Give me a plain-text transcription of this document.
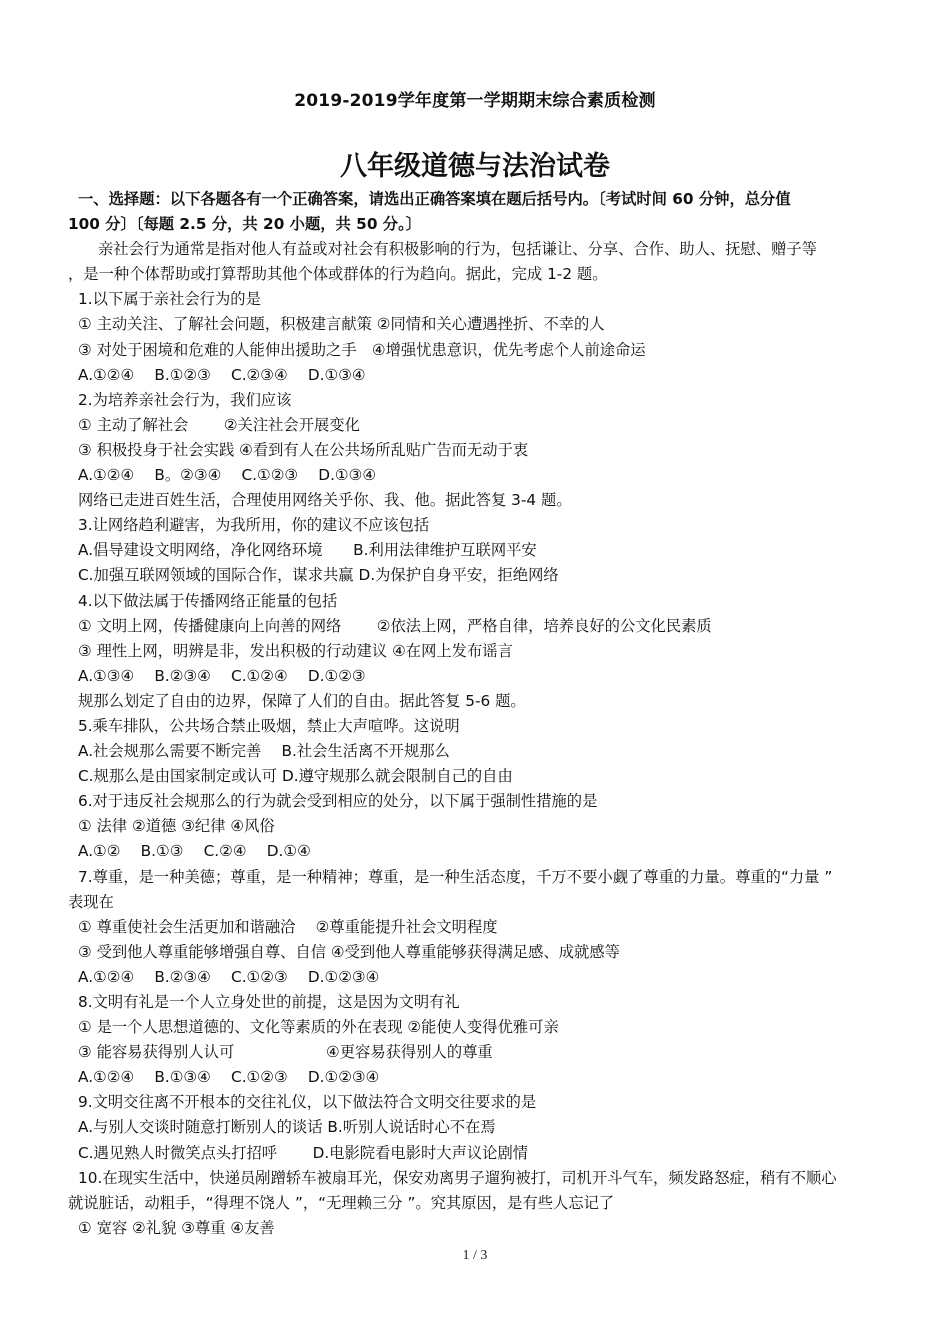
2019-2019学年度第一学期期末综合素质检测
八年级道德与法治试卷
一、选择题：以下各题各有一个正确答案，请选出正确答案填在题后括号内。〔考试时间 60 分钟，总分值
100 分〕〔每题 2.5 分，共 20 小题，共 50 分。〕
亲社会行为通常是指对他人有益或对社会有积极影响的行为，包括谦让、分享、合作、助人、抚慰、赠子等
，是一种个体帮助或打算帮助其他个体或群体的行为趋向。据此，完成 1-2 题。
1.以下属于亲社会行为的是
① 主动关注、了解社会问题，积极建言献策 ②同情和关心遭遇挫折、不幸的人
③ 对处于困境和危难的人能伸出援助之手　④增强忧患意识，优先考虑个人前途命运
A.①②④　 B.①②③　 C.②③④　 D.①③④
2.为培养亲社会行为，我们应该
① 主动了解社会　　 ②关注社会开展变化
③ 积极投身于社会实践 ④看到有人在公共场所乱贴广告而无动于衷
A.①②④　 B。②③④　 C.①②③　 D.①③④
网络已走进百姓生活，合理使用网络关乎你、我、他。据此答复 3-4 题。
3.让网络趋利避害，为我所用，你的建议不应该包括
A.倡导建设文明网络，净化网络环境　　B.利用法律维护互联网平安
C.加强互联网领域的国际合作，谋求共赢 D.为保护自身平安，拒绝网络
4.以下做法属于传播网络正能量的包括
① 文明上网，传播健康向上向善的网络　　 ②依法上网，严格自律，培养良好的公文化民素质
③ 理性上网，明辨是非，发出积极的行动建议 ④在网上发布谣言
A.①③④　 B.②③④　 C.①②④　 D.①②③
规那么划定了自由的边界，保障了人们的自由。据此答复 5-6 题。
5.乘车排队，公共场合禁止吸烟，禁止大声喧哗。这说明
A.社会规那么需要不断完善　 B.社会生活离不开规那么
C.规那么是由国家制定或认可 D.遵守规那么就会限制自己的自由
6.对于违反社会规那么的行为就会受到相应的处分，以下属于强制性措施的是
① 法律 ②道德 ③纪律 ④风俗
A.①②　 B.①③　 C.②④　 D.①④
7.尊重，是一种美德；尊重，是一种精神；尊重，是一种生活态度，千万不要小觑了尊重的力量。尊重的“力量 ”
表现在
① 尊重使社会生活更加和谐融洽　 ②尊重能提升社会文明程度
③ 受到他人尊重能够增强自尊、自信 ④受到他人尊重能够获得满足感、成就感等
A.①②④　 B.②③④　 C.①②③　 D.①②③④
8.文明有礼是一个人立身处世的前提，这是因为文明有礼
① 是一个人思想道德的、文化等素质的外在表现 ②能使人变得优雅可亲
③ 能容易获得别人认可　　　　　　④更容易获得别人的尊重
A.①②④　 B.①③④　 C.①②③　 D.①②③④
9.文明交往离不开根本的交往礼仪，以下做法符合文明交往要求的是
A.与别人交谈时随意打断别人的谈话 B.听别人说话时心不在焉
C.遇见熟人时微笑点头打招呼　　 D.电影院看电影时大声议论剧情
10.在现实生活中，快递员剐蹭轿车被扇耳光，保安劝离男子遛狗被打，司机开斗气车，频发路怒症，稍有不顺心
就说脏话，动粗手，“得理不饶人 ”，“无理赖三分 ”。究其原因，是有些人忘记了
① 宽容 ②礼貌 ③尊重 ④友善
1 / 3
